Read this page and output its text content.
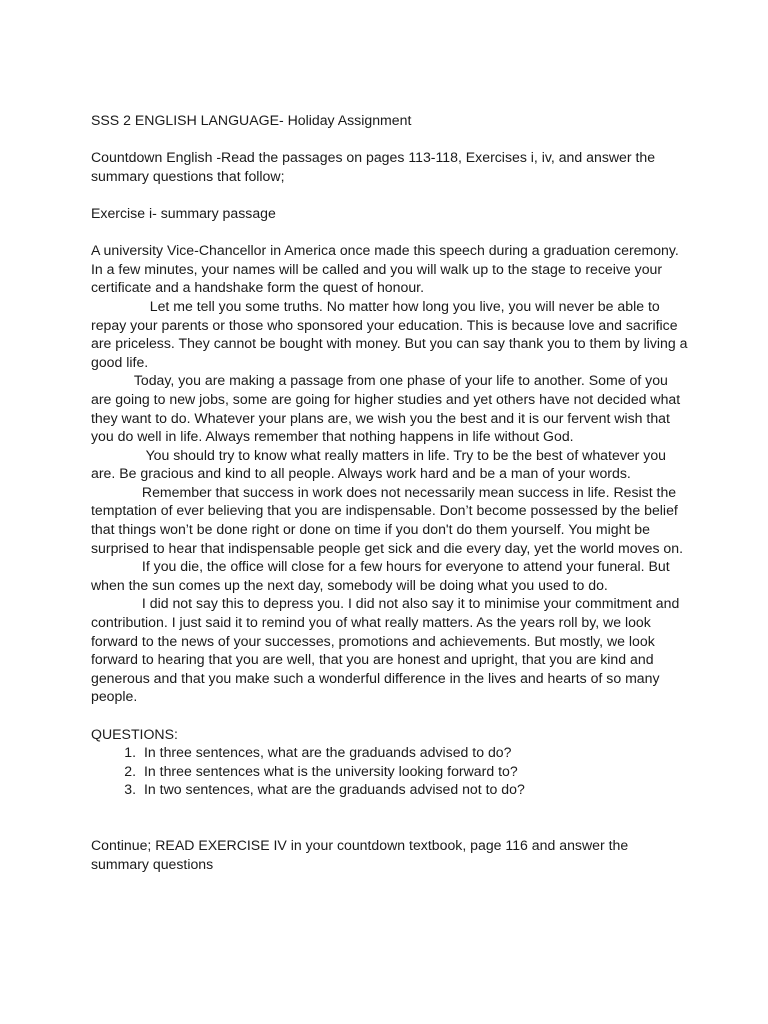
SSS 2 ENGLISH LANGUAGE- Holiday Assignment
Countdown English -Read the passages on pages 113-118, Exercises i, iv, and answer the
summary questions that follow;
Exercise i- summary passage
A university Vice-Chancellor in America once made this speech during a graduation ceremony.
In a few minutes, your names will be called and you will walk up to the stage to receive your
certificate and a handshake form the quest of honour.
Let me tell you some truths. No matter how long you live, you will never be able to
repay your parents or those who sponsored your education. This is because love and sacrifice
are priceless. They cannot be bought with money. But you can say thank you to them by living a
good life.
Today, you are making a passage from one phase of your life to another. Some of you
are going to new jobs, some are going for higher studies and yet others have not decided what
they want to do. Whatever your plans are, we wish you the best and it is our fervent wish that
you do well in life. Always remember that nothing happens in life without God.
You should try to know what really matters in life. Try to be the best of whatever you
are. Be gracious and kind to all people. Always work hard and be a man of your words.
Remember that success in work does not necessarily mean success in life. Resist the
temptation of ever believing that you are indispensable. Don’t become possessed by the belief
that things won’t be done right or done on time if you don't do them yourself. You might be
surprised to hear that indispensable people get sick and die every day, yet the world moves on.
If you die, the office will close for a few hours for everyone to attend your funeral. But
when the sun comes up the next day, somebody will be doing what you used to do.
I did not say this to depress you. I did not also say it to minimise your commitment and
contribution. I just said it to remind you of what really matters. As the years roll by, we look
forward to the news of your successes, promotions and achievements. But mostly, we look
forward to hearing that you are well, that you are honest and upright, that you are kind and
generous and that you make such a wonderful difference in the lives and hearts of so many
people.
QUESTIONS:
1. In three sentences, what are the graduands advised to do?
2. In three sentences what is the university looking forward to?
3. In two sentences, what are the graduands advised not to do?
Continue; READ EXERCISE IV in your countdown textbook, page 116 and answer the
summary questions
